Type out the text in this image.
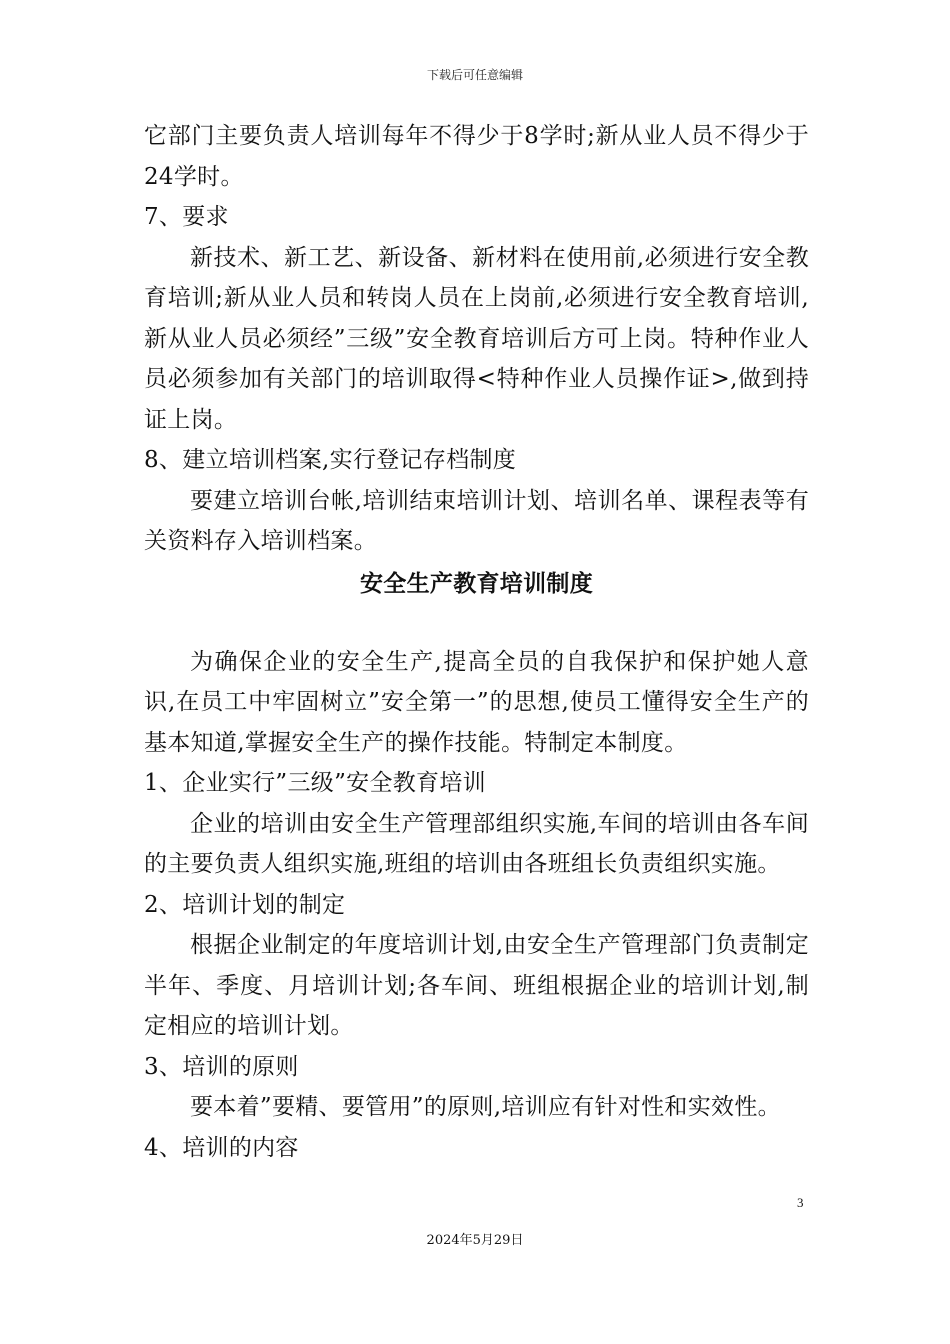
下载后可任意编辑

它部门主要负责人培训每年不得少于8学时;新从业人员不得少于24学时。

7、要求

新技术、新工艺、新设备、新材料在使用前,必须进行安全教育培训;新从业人员和转岗人员在上岗前,必须进行安全教育培训,新从业人员必须经”三级”安全教育培训后方可上岗。特种作业人员必须参加有关部门的培训取得<特种作业人员操作证>,做到持证上岗。

8、建立培训档案,实行登记存档制度

要建立培训台帐,培训结束培训计划、培训名单、课程表等有关资料存入培训档案。

安全生产教育培训制度

为确保企业的安全生产,提高全员的自我保护和保护她人意识,在员工中牢固树立”安全第一”的思想,使员工懂得安全生产的基本知道,掌握安全生产的操作技能。特制定本制度。

1、企业实行”三级”安全教育培训

企业的培训由安全生产管理部组织实施,车间的培训由各车间的主要负责人组织实施,班组的培训由各班组长负责组织实施。

2、培训计划的制定

根据企业制定的年度培训计划,由安全生产管理部门负责制定半年、季度、月培训计划;各车间、班组根据企业的培训计划,制定相应的培训计划。

3、培训的原则

要本着”要精、要管用”的原则,培训应有针对性和实效性。

4、培训的内容

3
2024年5月29日
